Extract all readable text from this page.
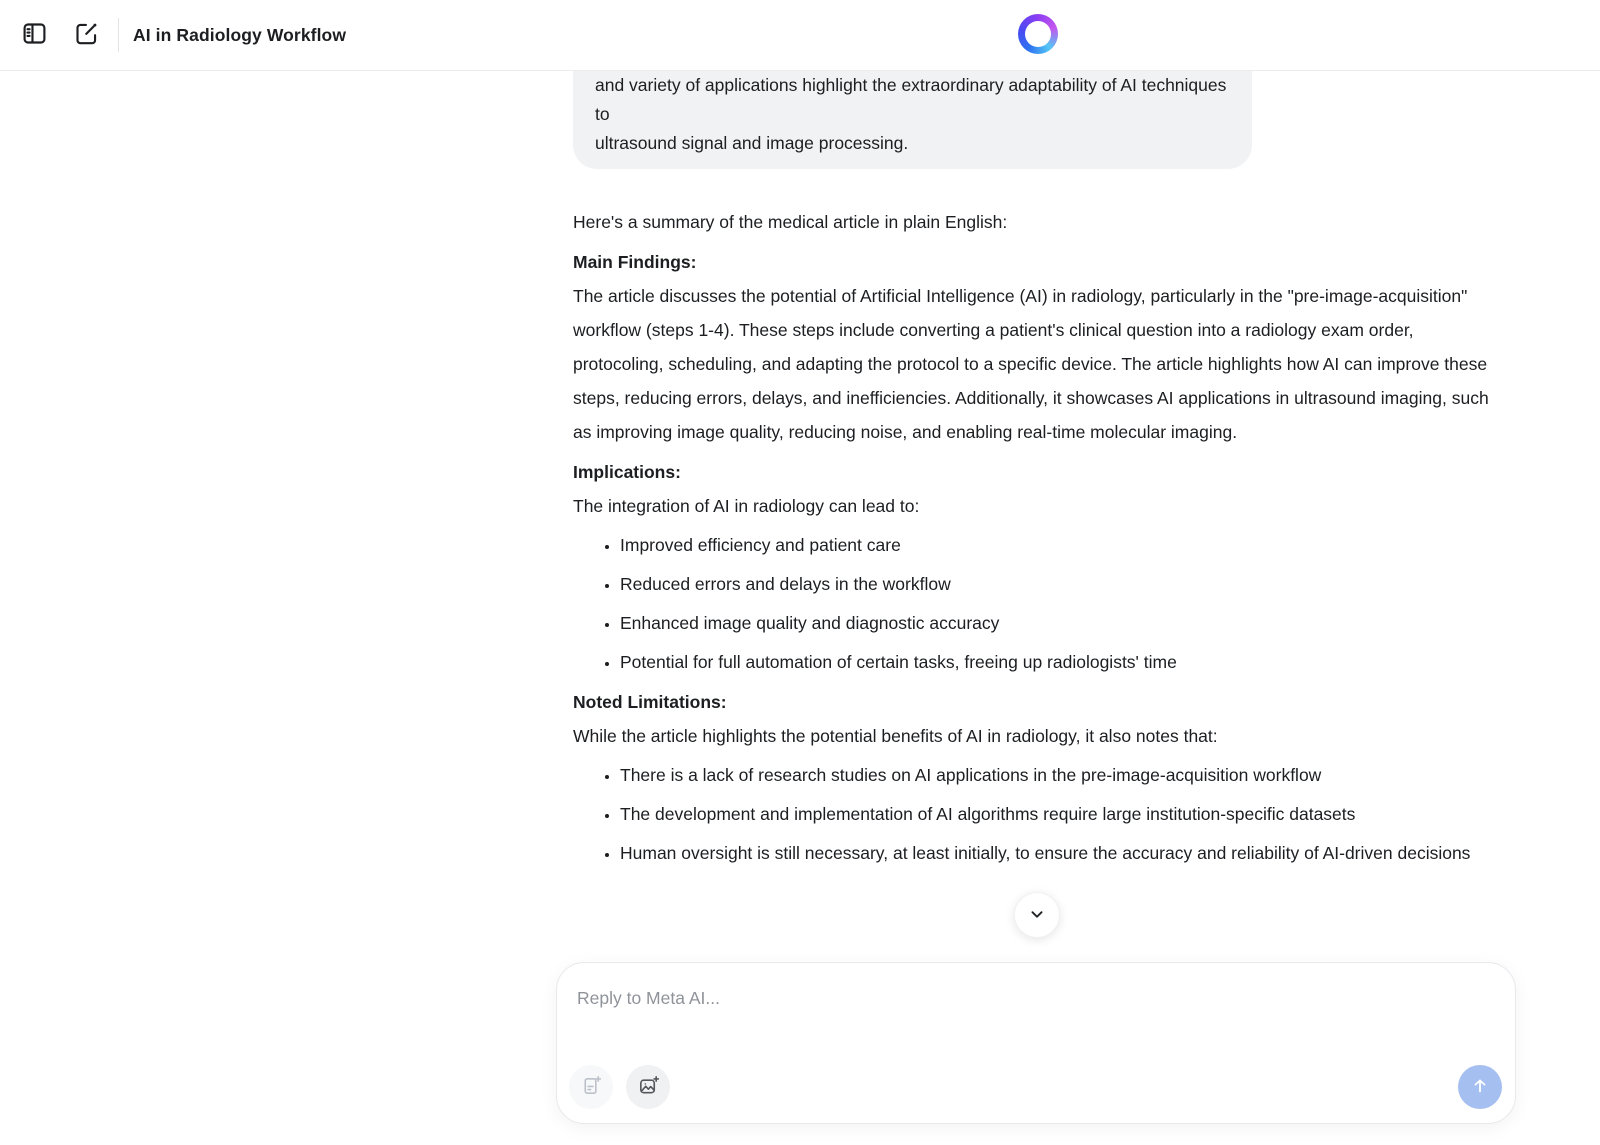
AI in Radiology Workflow
and variety of applications highlight the extraordinary adaptability of AI techniques to
ultrasound signal and image processing.

Here's a summary of the medical article in plain English:

Main Findings:

The article discusses the potential of Artificial Intelligence (AI) in radiology, particularly in the "pre-image-acquisition" workflow (steps 1-4). These steps include converting a patient's clinical question into a radiology exam order, protocoling, scheduling, and adapting the protocol to a specific device. The article highlights how AI can improve these steps, reducing errors, delays, and inefficiencies. Additionally, it showcases AI applications in ultrasound imaging, such as improving image quality, reducing noise, and enabling real-time molecular imaging.

Implications:

The integration of AI in radiology can lead to:

• Improved efficiency and patient care
• Reduced errors and delays in the workflow
• Enhanced image quality and diagnostic accuracy
• Potential for full automation of certain tasks, freeing up radiologists' time

Noted Limitations:

While the article highlights the potential benefits of AI in radiology, it also notes that:

• There is a lack of research studies on AI applications in the pre-image-acquisition workflow
• The development and implementation of AI algorithms require large institution-specific datasets
• Human oversight is still necessary, at least initially, to ensure the accuracy and reliability of AI-driven decisions
Reply to Meta AI...
